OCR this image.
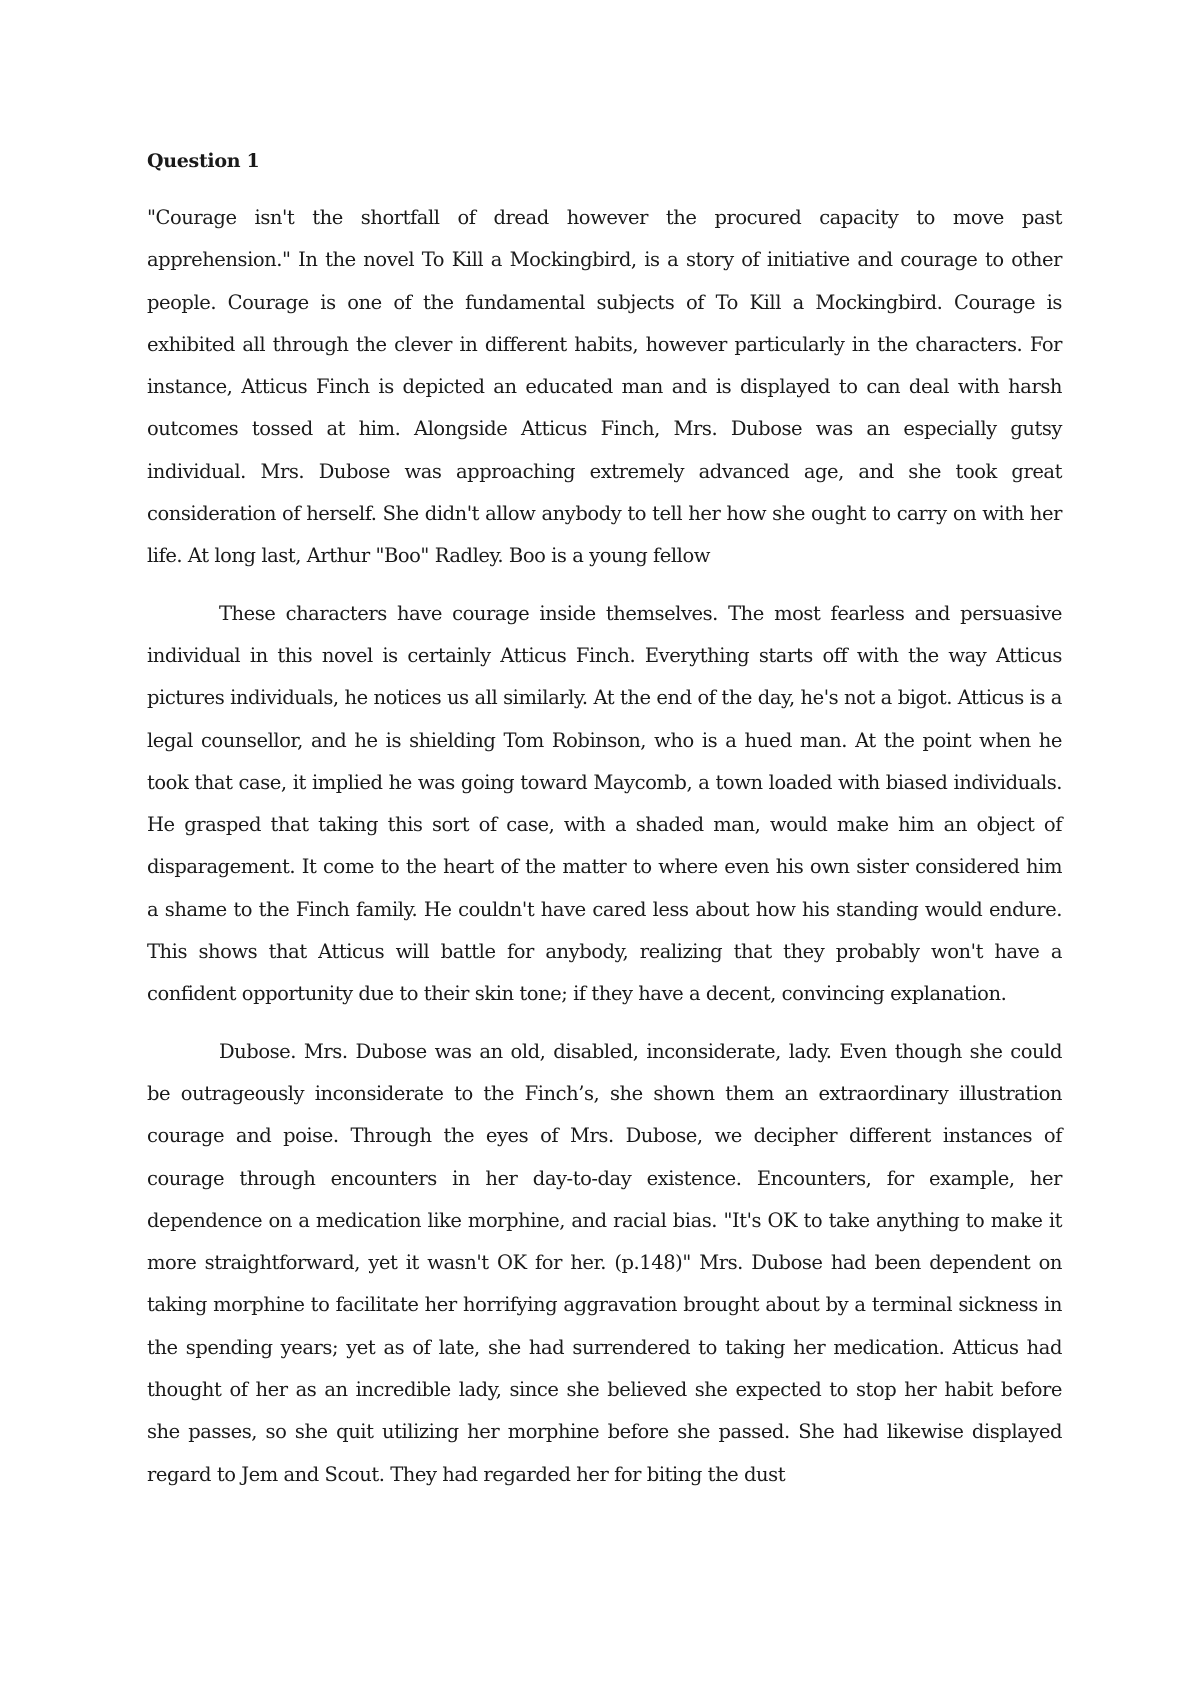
Question 1

"Courage isn't the shortfall of dread however the procured capacity to move past apprehension." In the novel To Kill a Mockingbird, is a story of initiative and courage to other people. Courage is one of the fundamental subjects of To Kill a Mockingbird. Courage is exhibited all through the clever in different habits, however particularly in the characters. For instance, Atticus Finch is depicted an educated man and is displayed to can deal with harsh outcomes tossed at him. Alongside Atticus Finch, Mrs. Dubose was an especially gutsy individual. Mrs. Dubose was approaching extremely advanced age, and she took great consideration of herself. She didn't allow anybody to tell her how she ought to carry on with her life. At long last, Arthur "Boo" Radley. Boo is a young fellow

These characters have courage inside themselves. The most fearless and persuasive individual in this novel is certainly Atticus Finch. Everything starts off with the way Atticus pictures individuals, he notices us all similarly. At the end of the day, he's not a bigot. Atticus is a legal counsellor, and he is shielding Tom Robinson, who is a hued man. At the point when he took that case, it implied he was going toward Maycomb, a town loaded with biased individuals. He grasped that taking this sort of case, with a shaded man, would make him an object of disparagement. It come to the heart of the matter to where even his own sister considered him a shame to the Finch family. He couldn't have cared less about how his standing would endure. This shows that Atticus will battle for anybody, realizing that they probably won't have a confident opportunity due to their skin tone; if they have a decent, convincing explanation.

Dubose. Mrs. Dubose was an old, disabled, inconsiderate, lady. Even though she could be outrageously inconsiderate to the Finch’s, she shown them an extraordinary illustration courage and poise. Through the eyes of Mrs. Dubose, we decipher different instances of courage through encounters in her day-to-day existence. Encounters, for example, her dependence on a medication like morphine, and racial bias. "It's OK to take anything to make it more straightforward, yet it wasn't OK for her. (p.148)" Mrs. Dubose had been dependent on taking morphine to facilitate her horrifying aggravation brought about by a terminal sickness in the spending years; yet as of late, she had surrendered to taking her medication. Atticus had thought of her as an incredible lady, since she believed she expected to stop her habit before she passes, so she quit utilizing her morphine before she passed. She had likewise displayed regard to Jem and Scout. They had regarded her for biting the dust
